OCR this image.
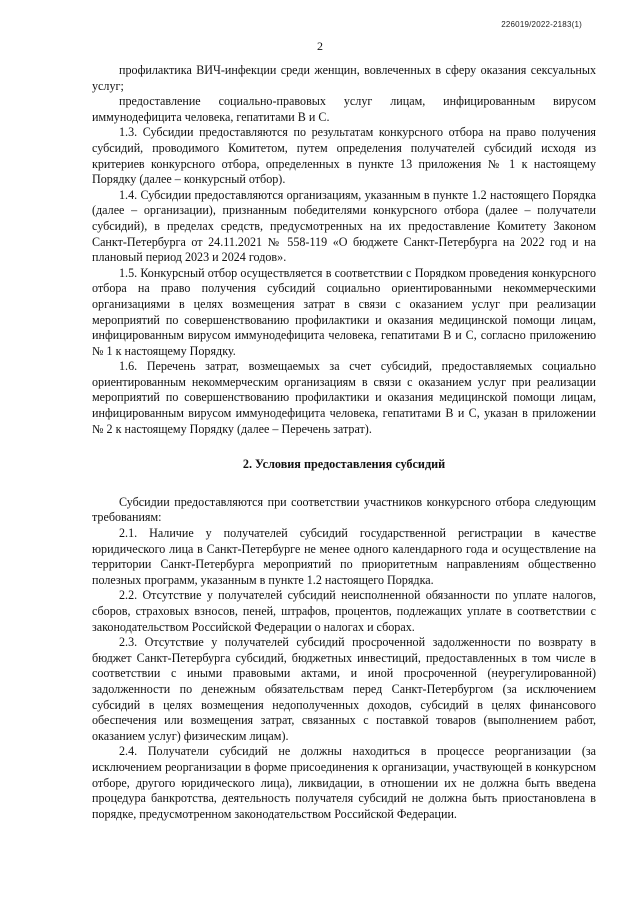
226019/2022-2183(1)
2

профилактика ВИЧ-инфекции среди женщин, вовлеченных в сферу оказания сексуальных услуг;

предоставление социально-правовых услуг лицам, инфицированным вирусом иммунодефицита человека, гепатитами В и С.

1.3. Субсидии предоставляются по результатам конкурсного отбора на право получения субсидий, проводимого Комитетом, путем определения получателей субсидий исходя из критериев конкурсного отбора, определенных в пункте 13 приложения № 1 к настоящему Порядку (далее – конкурсный отбор).

1.4. Субсидии предоставляются организациям, указанным в пункте 1.2 настоящего Порядка (далее – организации), признанным победителями конкурсного отбора (далее – получатели субсидий), в пределах средств, предусмотренных на их предоставление Комитету Законом Санкт-Петербурга от 24.11.2021 № 558-119 «О бюджете Санкт-Петербурга на 2022 год и на плановый период 2023 и 2024 годов».

1.5. Конкурсный отбор осуществляется в соответствии с Порядком проведения конкурсного отбора на право получения субсидий социально ориентированными некоммерческими организациями в целях возмещения затрат в связи с оказанием услуг при реализации мероприятий по совершенствованию профилактики и оказания медицинской помощи лицам, инфицированным вирусом иммунодефицита человека, гепатитами В и С, согласно приложению № 1 к настоящему Порядку.

1.6. Перечень затрат, возмещаемых за счет субсидий, предоставляемых социально ориентированным некоммерческим организациям в связи с оказанием услуг при реализации мероприятий по совершенствованию профилактики и оказания медицинской помощи лицам, инфицированным вирусом иммунодефицита человека, гепатитами В и С, указан в приложении № 2 к настоящему Порядку (далее – Перечень затрат).

2. Условия предоставления субсидий

Субсидии предоставляются при соответствии участников конкурсного отбора следующим требованиям:

2.1. Наличие у получателей субсидий государственной регистрации в качестве юридического лица в Санкт-Петербурге не менее одного календарного года и осуществление на территории Санкт-Петербурга мероприятий по приоритетным направлениям общественно полезных программ, указанным в пункте 1.2 настоящего Порядка.

2.2. Отсутствие у получателей субсидий неисполненной обязанности по уплате налогов, сборов, страховых взносов, пеней, штрафов, процентов, подлежащих уплате в соответствии с законодательством Российской Федерации о налогах и сборах.

2.3. Отсутствие у получателей субсидий просроченной задолженности по возврату в бюджет Санкт-Петербурга субсидий, бюджетных инвестиций, предоставленных в том числе в соответствии с иными правовыми актами, и иной просроченной (неурегулированной) задолженности по денежным обязательствам перед Санкт-Петербургом (за исключением субсидий в целях возмещения недополученных доходов, субсидий в целях финансового обеспечения или возмещения затрат, связанных с поставкой товаров (выполнением работ, оказанием услуг) физическим лицам).

2.4. Получатели субсидий не должны находиться в процессе реорганизации (за исключением реорганизации в форме присоединения к организации, участвующей в конкурсном отборе, другого юридического лица), ликвидации, в отношении их не должна быть введена процедура банкротства, деятельность получателя субсидий не должна быть приостановлена в порядке, предусмотренном законодательством Российской Федерации.
